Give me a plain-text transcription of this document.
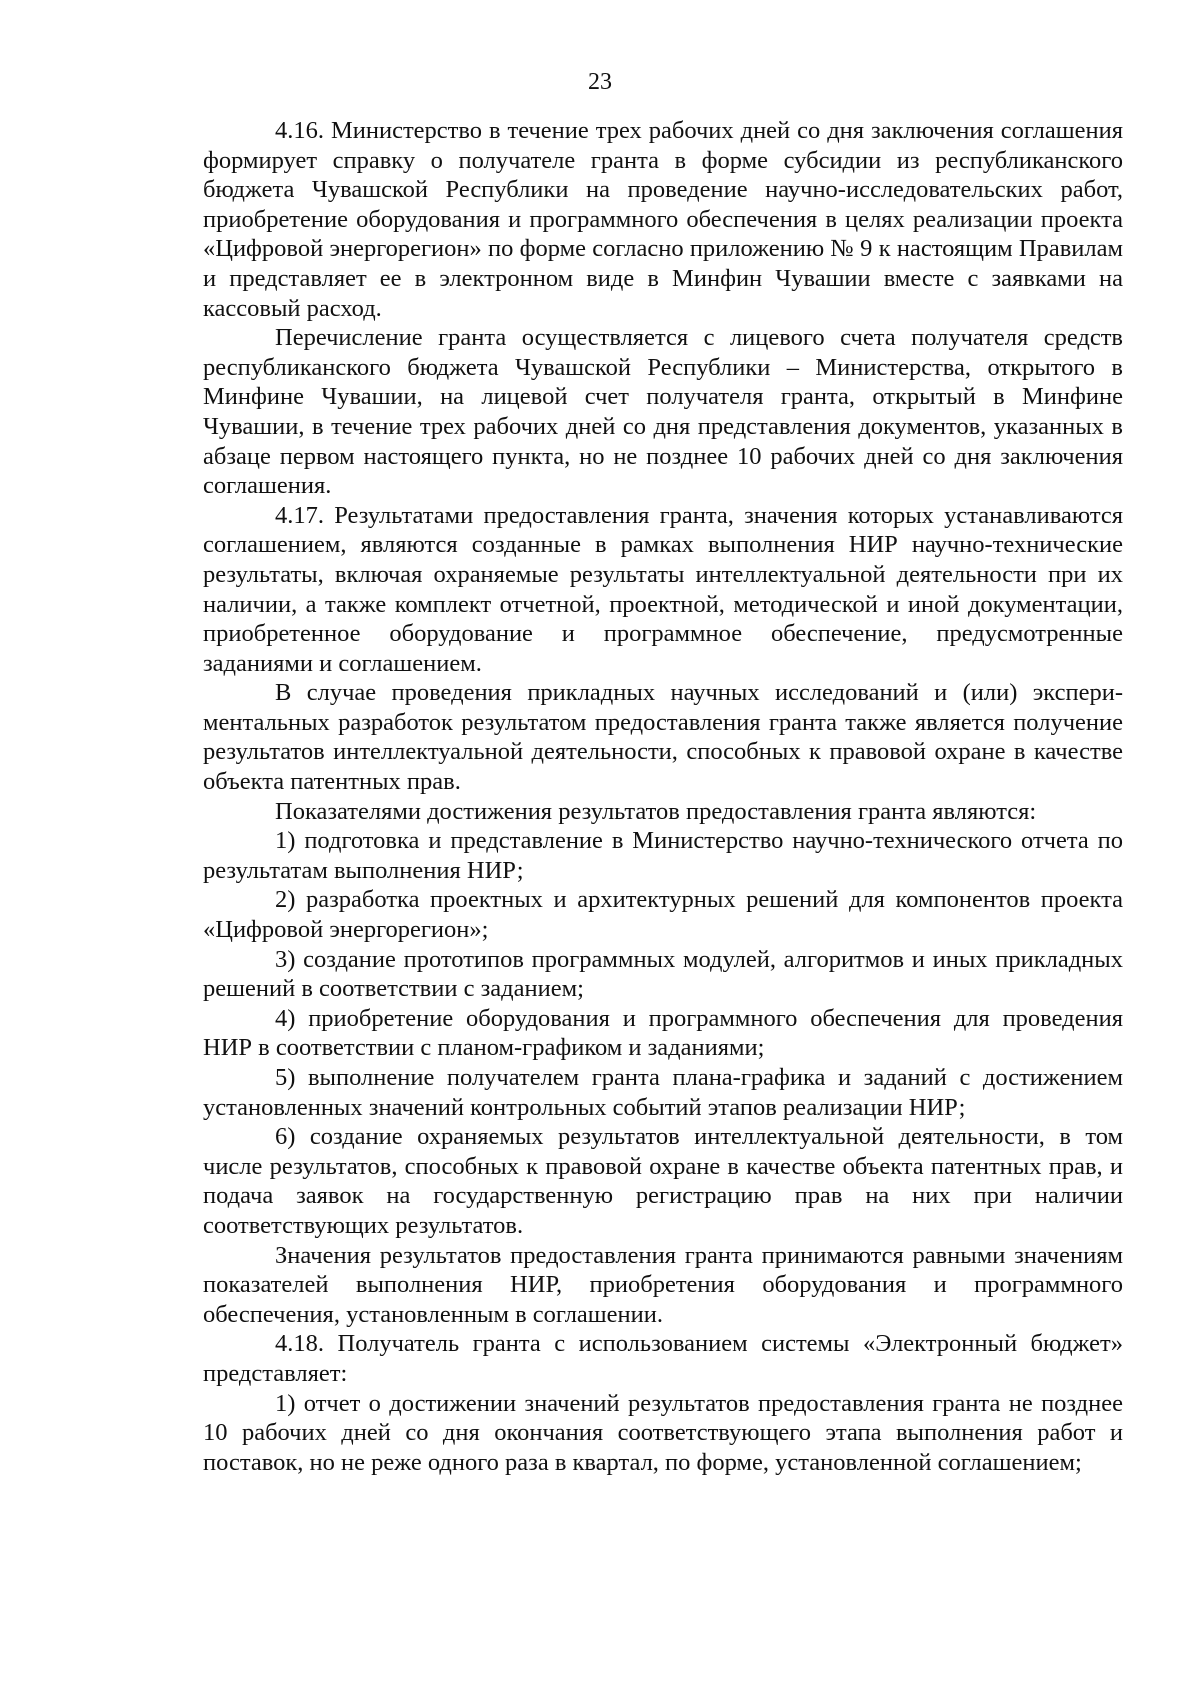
23

4.16. Министерство в течение трех рабочих дней со дня заключения соглашения формирует справку о получателе гранта в форме субсидии из республиканского бюджета Чувашской Республики на проведение научно-исследовательских работ, приобретение оборудования и программного обеспечения в целях реализации проекта «Цифровой энергорегион» по форме согласно приложению № 9 к настоящим Правилам и представляет ее в электронном виде в Минфин Чувашии вместе с заявками на кассовый расход.

Перечисление гранта осуществляется с лицевого счета получателя средств республиканского бюджета Чувашской Республики – Министерства, открытого в Минфине Чувашии, на лицевой счет получателя гранта, открытый в Минфине Чувашии, в течение трех рабочих дней со дня представления документов, указанных в абзаце первом настоящего пункта, но не позднее 10 рабочих дней со дня заключения соглашения.

4.17. Результатами предоставления гранта, значения которых устанавливаются соглашением, являются созданные в рамках выполнения НИР научно-технические результаты, включая охраняемые результаты интеллектуальной деятельности при их наличии, а также комплект отчетной, проектной, методической и иной документации, приобретенное оборудование и программное обеспечение, предусмотренные заданиями и соглашением.

В случае проведения прикладных научных исследований и (или) экспериментальных разработок результатом предоставления гранта также является получение результатов интеллектуальной деятельности, способных к правовой охране в качестве объекта патентных прав.

Показателями достижения результатов предоставления гранта являются:

1) подготовка и представление в Министерство научно-технического отчета по результатам выполнения НИР;

2) разработка проектных и архитектурных решений для компонентов проекта «Цифровой энергорегион»;

3) создание прототипов программных модулей, алгоритмов и иных прикладных решений в соответствии с заданием;

4) приобретение оборудования и программного обеспечения для проведения НИР в соответствии с планом-графиком и заданиями;

5) выполнение получателем гранта плана-графика и заданий с достижением установленных значений контрольных событий этапов реализации НИР;

6) создание охраняемых результатов интеллектуальной деятельности, в том числе результатов, способных к правовой охране в качестве объекта патентных прав, и подача заявок на государственную регистрацию прав на них при наличии соответствующих результатов.

Значения результатов предоставления гранта принимаются равными значениям показателей выполнения НИР, приобретения оборудования и программного обеспечения, установленным в соглашении.

4.18. Получатель гранта с использованием системы «Электронный бюджет» представляет:

1) отчет о достижении значений результатов предоставления гранта не позднее 10 рабочих дней со дня окончания соответствующего этапа выполнения работ и поставок, но не реже одного раза в квартал, по форме, установленной соглашением;
